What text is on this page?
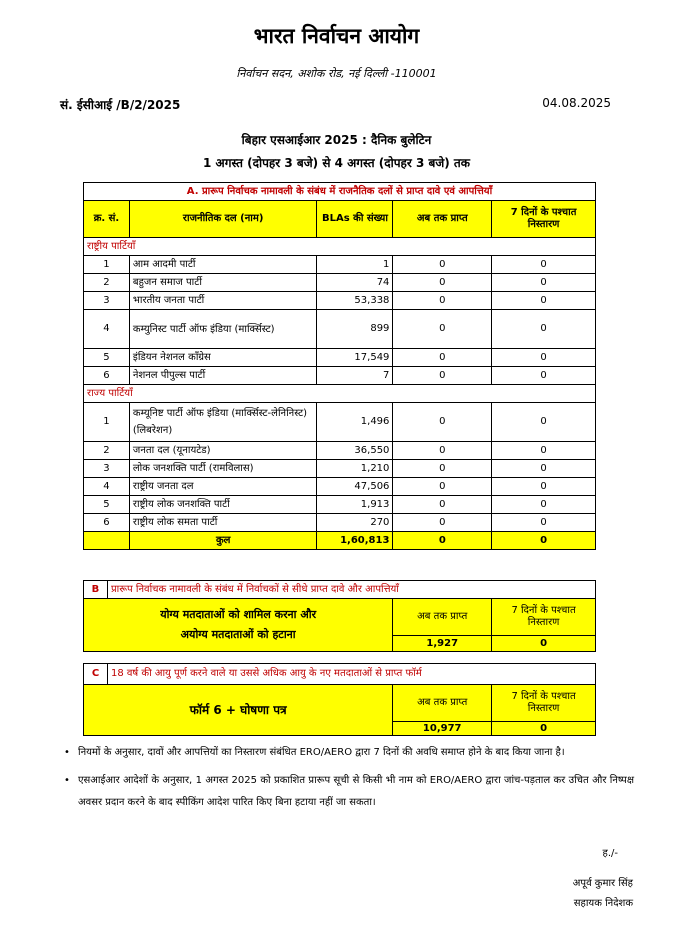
भारत निर्वाचन आयोग
निर्वाचन सदन, अशोक रोड, नई दिल्ली -110001
सं. ईसीआई /B/2/2025	04.08.2025
बिहार एसआईआर 2025 : दैनिक बुलेटिन
1 अगस्त (दोपहर 3 बजे) से 4 अगस्त (दोपहर 3 बजे) तक
A. प्रारूप निर्वाचक नामावली के संबंध में राजनैतिक दलों से प्राप्त दावे एवं आपत्तियाँ				
क्र. सं.	राजनीतिक दल (नाम)	BLAs की संख्या	अब तक प्राप्त	7 दिनों के पश्चात निस्तारण
राष्ट्रीय पार्टियाँ				
1	आम आदमी पार्टी	1	0	0
2	बहुजन समाज पार्टी	74	0	0
3	भारतीय जनता पार्टी	53,338	0	0
4	कम्युनिस्ट पार्टी ऑफ इंडिया (मार्क्सिस्ट)	899	0	0
5	इंडियन नेशनल काँग्रेस	17,549	0	0
6	नेशनल पीपुल्स पार्टी	7	0	0
राज्य पार्टियाँ				
1	कम्यूनिष्ट पार्टी ऑफ इंडिया (मार्क्सिस्ट-लेनिनिस्ट) (लिबरेशन)	1,496	0	0
2	जनता दल (यूनायटेड)	36,550	0	0
3	लोक जनशक्ति पार्टी (रामविलास)	1,210	0	0
4	राष्ट्रीय जनता दल	47,506	0	0
5	राष्ट्रीय लोक जनशक्ति पार्टी	1,913	0	0
6	राष्ट्रीय लोक समता पार्टी	270	0	0
	कुल	1,60,813	0	0
B	प्रारूप निर्वाचक नामावली के संबंध में निर्वाचकों से सीधे प्राप्त दावे और आपत्तियाँ		

योग्य मतदाताओं को शामिल करना और
अयोग्य मतदाताओं को हटाना		अब तक प्राप्त	7 दिनों के पश्चात निस्तारण
		1,927	0
C	18 वर्ष की आयु पूर्ण करने वाले या उससे अधिक आयु के नए मतदाताओं से प्राप्त फॉर्म		
फॉर्म 6 + घोषणा पत्र		अब तक प्राप्त	7 दिनों के पश्चात निस्तारण
		10,977	0
• नियमों के अनुसार, दावों और आपत्तियों का निस्तारण संबंधित ERO/AERO द्वारा 7 दिनों की अवधि समाप्त होने के बाद किया जाना है।
• एसआईआर आदेशों के अनुसार, 1 अगस्त 2025 को प्रकाशित प्रारूप सूची से किसी भी नाम को ERO/AERO द्वारा जांच-पड़ताल कर उचित और निष्पक्ष अवसर प्रदान करने के बाद स्पीकिंग आदेश पारित किए बिना हटाया नहीं जा सकता।
ह./-
अपूर्व कुमार सिंह
सहायक निदेशक
